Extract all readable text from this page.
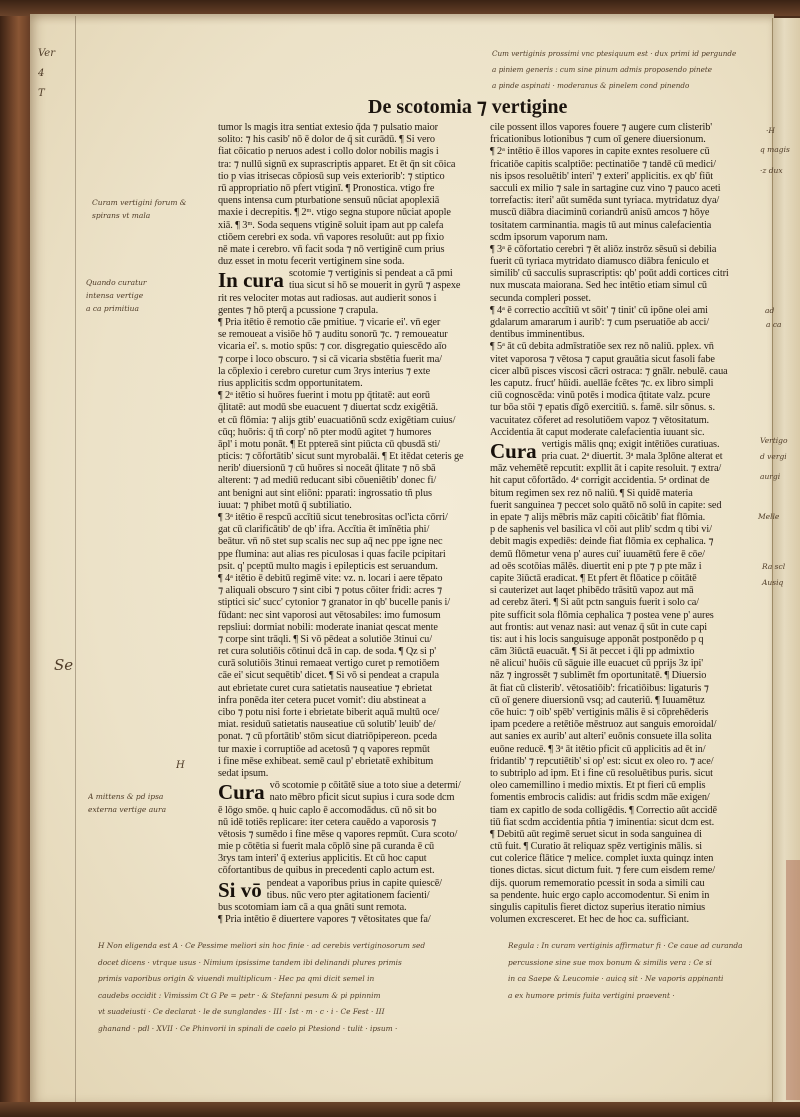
De scotomia ⁊ vertigine
tumor ls magis itra sentiat extesio q̄da ⁊ pulsatio maior
solito: ⁊ his casib' nō ē dolor de q̄ sit curādū. ¶ Si vero
fiat cōicatio p neruos adest i collo dolor nobilis magis i
tra: ⁊ nullū signū ex suprascriptis apparet. Et ēt q̄n sit cōica
tio p vias itrisecas cōpiosū sup veis exteriorib': ⁊ stiptico
rū appropriatio nō pfert vtiginī. ¶ Pronostica. vtigo fre
quens intensa cum pturbatione sensuū nūciat apoplexiā
maxie i decrepitis. ¶ 2ᵐ. vtigo segna stupore nūciat apople
xiā. ¶ 3ᵐ. Soda sequens vtiginē soluit ipam aut pp calefa
ctiōem cerebri ex soda. vn̄ vapores resoluūt: aut pp fixio
nē mate i cerebro. vn̄ facit soda ⁊ nō vertiginē cum prius
duz esset in motu fecerit vertiginem sine soda.
In cura scotomie ⁊ vertiginis si pendeat a cā pmi
tiua sicut si hō se mouerit in gyrū ⁊ aspexe
rit res velociter motas aut radiosas. aut audierit sonos i
gentes ⁊ hō pterq̄ a pcussione ⁊ crapula.
¶ Pria itētio ē remotio cāe pmitiue. ⁊ vicarie ei'. vn̄ eger
se remoueat a visiōe hō ⁊ auditu sonorū ⁊c. ⁊ remoueatur
vicaria ei'. s. motio spūs: ⁊ cor. disgregatio quiescēdo aīo
⁊ corpe i loco obscuro. ⁊ si cā vicaria sbstētia fuerit ma/
la cōplexio i cerebro curetur cum 3rys interius ⁊ exte
rius applicitis scdm opportunitatem.
¶ 2ᵃ itētio si huōres fuerint i motu pp q̄titatē: aut eorū
q̄litatē: aut modū sbe euacuent ⁊ diuertat scdz exigētiā.
et cū flōmia: ⁊ alijs gtib' euacuatiōnū scdz exigētiam cuius/
cūq; huōris: q̄ tñ corp' nō pter modū agitet ⁊ humores
āpl' i motu ponāt. ¶ Et pptereā sint piūcta cū qbusdā sti/
pticis: ⁊ cōfortātib' sicut sunt myrobalāi. ¶ Et itēdat ceteris ge
nerib' diuersionū ⁊ cū huōres si noceāt q̄litate ⁊ nō sbā
alterent: ⁊ ad mediū reducant sibi cōueniētib' donec fi/
ant benigni aut sint eliōni: pparati: ingrossatio tñ plus
iuuat: ⁊ phibet motū q̄ subtiliatio.
¶ 3ᵃ itētio ē respcū accītiū sicut tenebrositas ocl'icta cōrri/
gat cū clarificātib' de qb' ifra. Accītia ēt imīnētia phi/
beātur. vn̄ nō stet sup scalis nec sup aq̄ nec ppe igne nec
ppe flumina: aut alias res piculosas i quas facile pcipitari
psit. q' pceptū multo magis i epilepticis est seruandum.
¶ 4ᵃ itētio ē debitū regimē vite: vz. n. locari i aere tēpato
⁊ aliquali obscuro ⁊ sint cibi ⁊ potus cōiter fridi: acres ⁊
stiptici sic' succ' cytonior ⁊ granator in qb' bucelle panis i/
fūdant: nec sint vaporosi aut vētosabiles: imo fumosum
repsliui: dormiat nobili: moderate inaniat qescat mente
⁊ corpe sint trāqli. ¶ Si vō pēdeat a solutiōe 3tinui cu/
ret cura solutiōis cōtinui dcā in cap. de soda. ¶ Qz si p'
curā solutiōis 3tinui remaeat vertigo curet p remotiōem
cāe ei' sicut sequētib' dicet. ¶ Si vō si pendeat a crapula
aut ebrietate curet cura satietatis nauseatiue ⁊ ebrietat
infra ponēda iter cetera pucet vomit': diu abstineat a
cibo ⁊ potu nisi forte i ebrietate biberit aquā multū oce/
miat. residuū satietatis nauseatiue cū solutib' leuib' de/
ponat. ⁊ cū pfortātib' stōm sicut diatriōpipereon. pceda
tur maxie i corruptiōe ad acetosū ⁊ q vapores repmūt
i fine mēse exhibeat. semē caul p' ebrietatē exhibitum
sedat ipsum.
Cura vō scotomie p cōitātē siue a toto siue a determi/
nato mēbro pficit sicut supius i cura sode dcm
ē lōgo smōe. q huic caplo ē accomodādus. cū nō sit bo
nū idē totiēs replicare: iter cetera cauēdo a vaporosis ⁊
vētosis ⁊ sumēdo i fine mēse q vapores repmūt. Cura scoto/
mie p cōtētia si fuerit mala cōplō sine pā curanda ē cū
3rys tam interi' q̄ exterius applicitis. Et cū hoc caput
cōfortantibus de quibus in precedenti caplo actum est.
Si vō pendeat a vaporibus prius in capite quiescē/
tibus. nūc vero pter agitationem facienti/
bus scotomiam iam cā a qua gnāti sunt remota.
¶ Pria intētio ē diuertere vapores ⁊ vētositates que fa/
cile possent illos vapores fouere ⁊ augere cum clisterib'
fricationibus lotionibus ⁊ cum oī genere diuersionum.
¶ 2ᵃ intētio ē illos vapores in capite exntes resoluere cū
fricatiōe capitis scalptiōe: pectinatiōe ⁊ tandē cū medici/
nis ipsos resoluētib' interi' ⁊ exteri' applicitis. ex qb' fiūt
sacculi ex milio ⁊ sale in sartagine cuz vino ⁊ pauco aceti
torrefactis: iteri' aūt sumēda sunt tyriaca. mytridatuz dya/
muscū diābra diaciminū coriandrū anisū amcos ⁊ hōye
tositatem carminantia. magis tū aut minus calefacientia
scdm ipsorum vaporum nam.
¶ 3ᵃ ē cōfortatio cerebri ⁊ ēt aliōz instrōz sēsuū si debilia
fuerit cū tyriaca mytridato diamusco diābra feniculo et
similib' cū sacculis suprascriptis: qb' poūt addi cortices citri
nux muscata maiorana. Sed hec intētio etiam simul cū
secunda compleri posset.
¶ 4ᵃ ē correctio accītiū vt sōit' ⁊ tinit' cū ipōne olei ami
gdalarum amararum i aurib': ⁊ cum pseruatiōe ab acci/
dentibus imminentibus.
¶ 5ᵃ āt cū debita admīstratiōe sex rez nō naliū. pplex. vn̄
vitet vaporosa ⁊ vētosa ⁊ caput grauātia sicut fasoli fabe
cicer albū pisces viscosi cācri ostraca: ⁊ gnālr. nebulē. caua
les caputz. fruct' hūidi. auellāe fcētes ⁊c. ex libro simpli
ciū cognoscēda: vinū potēs i modica q̄titate valz. pcure
tur bōa stōi ⁊ epatis dīgō exercitiū. s. famē. silr sōnus. s.
vacuitatez cōferet ad resolutiōem vapoz ⁊ vētositatum.
Accidentia āt caput moderate calefacientia iuuant sic.
Cura vertigis mālis qnq; exigit intētiōes curatiuas.
pria cuat. 2ᵃ diuertit. 3ᵃ mala 3plōne alterat et
māz vehemētē repcutit: expllit āt i capite resoluit. ⁊ extra/
hit caput cōfortādo. 4ᵃ corrigit accidentia. 5ᵃ ordinat de
bitum regimen sex rez nō naliū. ¶ Si quidē materia
fuerit sanguinea ⁊ peccet solo quātō nō solū in capite: sed
in epate ⁊ alijs mēbris māz capiti cōicātib' fiat flōmia.
p de saphenis vel basilica vl cōi aut plib' scdm q tibi vi/
debit magis expediēs: deinde fiat flōmia ex cephalica. ⁊
demū flōmetur vena p' aures cui' iuuamētū fere ē cōe/
ad oēs scotōias mālēs. diuertit eni p pte ⁊ p pte māz i
capite 3iūctā eradicat. ¶ Et pfert ēt flōatice p cōitātē
si cauterizet aut laqet phibēdo trāsitū vapoz aut mā
ad cerebz āteri. ¶ Si aūt pctn sanguis fuerit i solo ca/
pite sufficit sola flōmia cephalica ⁊ postea vene p' aures
aut frontis: aut venaz nasi: aut venaz q̄ sūt in cute capi
tis: aut i his locis sanguisuge apponāt postponēdo p q
cām 3iūctā euacuāt. ¶ Si āt peccet i q̄li pp admixtio
nē alicui' huōis cū sāguie ille euacuet cū pprijs 3z ipi'
nāz ⁊ ingrossēt ⁊ sublimēt fm oportunitatē. ¶ Diuersio
āt fiat cū clisterib'. vētosatiōib': fricatiōibus: ligaturis ⁊
cū oī genere diuersionū vsq; ad cauteriū. ¶ Iuuamētuz
cōe huic: ⁊ oib' spēb' vertiginis mālis ē si cōprehēderis
ipam pcedere a retētiōe mēstruoz aut sanguis emoroidal/
aut sanies ex aurib' aut alteri' euōnis consuete illa solita
euōne reducē. ¶ 3ᵃ āt itētio pficit cū applicitis ad ēt in/
fridantib' ⁊ repcutiētib' si op' est: sicut ex oleo ro. ⁊ ace/
to subtriplo ad ipm. Et i fine cū resoluētibus puris. sicut
oleo camemillino i medio mixtis. Et pt fieri cū emplis
fomentis embrocis calidis: aut fridis scdm māe exigen/
tiam ex capitlo de soda colligēdis. ¶ Correctio aūt accidē
tiū fiat scdm accidentia pñtia ⁊ iminentia: sicut dcm est.
¶ Debitū aūt regimē seruet sicut in soda sanguinea di
ctū fuit. ¶ Curatio āt reliquaz spēz vertiginis mālis. si
cut colerice flātice ⁊ melice. complet iuxta quinqz inten
tiones dictas. sicut dictum fuit. ⁊ fere cum eisdem reme/
dijs. quorum rememoratio pcessit in soda a simili cau
sa pendente. huic ergo caplo accomodentur. Si enim in
singulis capitulis fieret dictoz superius iteratio nimius
volumen excresceret. Et hec de hoc ca. sufficiant.
Ver
4
T
Curam vertigini forum &
spirans vt mala
Quando curatur
intensa vertige
a ca primitiua
Se
A mittens & pd ipsa
externa vertige aura
H
Cum vertiginis prossimi vnc ptesiquum est · dux primi id pergunde
a piniem generis : cum sine pinum admis proposendo pinete
a pinde aspinati · moderanus & pinelem cond pinendo
H Non eligenda est A · Ce Pessime meliori sin hoc finie · ad cerebis vertiginosorum sed
docet dicens · vtrque usus · Nimium ipsissime tandem ibi delinandi plures primis
primis vaporibus origin & viuendi multiplicum · Hec pa qmi dicit semel in
caudebs occidit : Vimissim Ct G Pe = petr · & Stefanni pesum & pi ppinnim
vt suadeiusti · Ce declarat · le de sunglandes · III · Ist · m · c · i · Ce Fest · III
ghanand · pdl · XVII · Ce Phinvorii in spinali de caelo pi Ptesiond · tulit · ipsum ·
Regula : In curam vertiginis affirmatur fi · Ce caue ad curanda
percussione sine sue mox bonum & similis vera : Ce si
in ca Saepe & Leucomie · auicq sit · Ne vaporis appinanti
a ex humore primis fuita vertigini praevent ·
·H
q magis
·z dux
ad
a ca
Vertigo
d vergi
aurgi
Melle
Ra scl
Ausiq
